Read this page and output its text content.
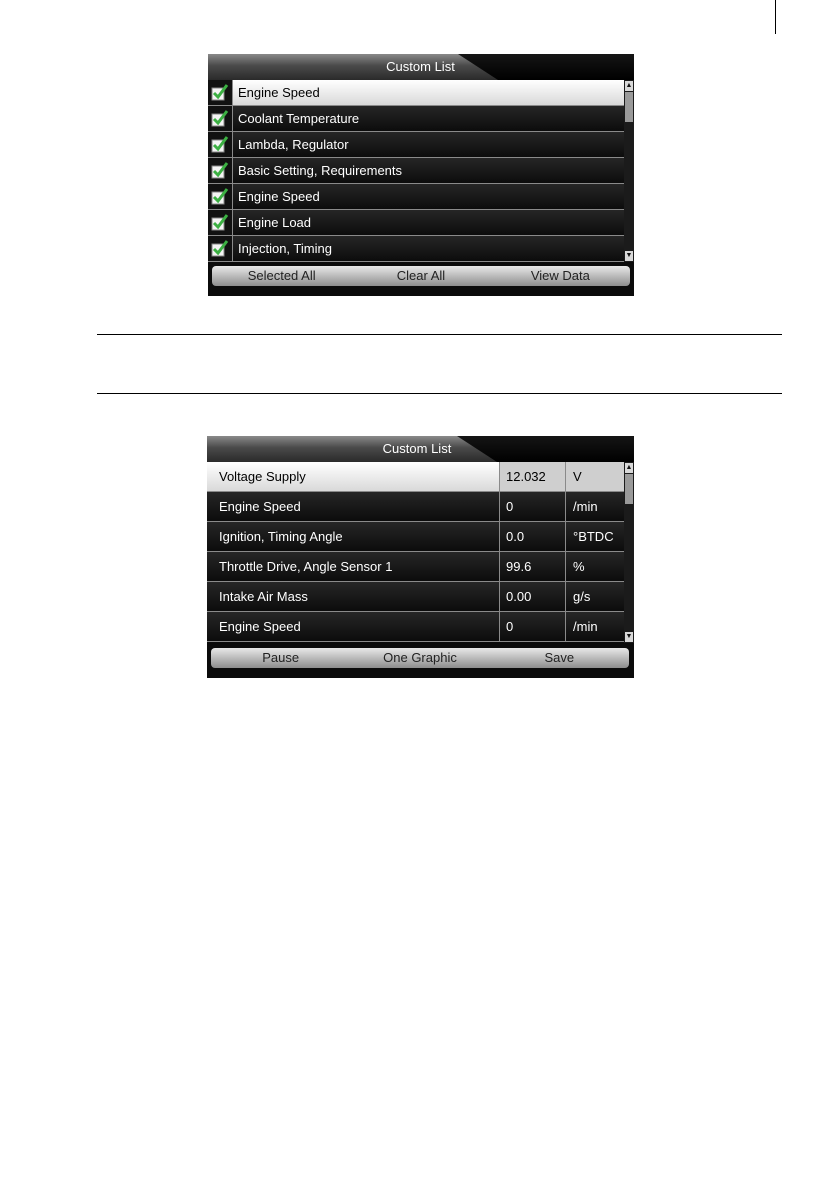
Custom List
Engine Speed
Coolant Temperature
Lambda, Regulator
Basic Setting, Requirements
Engine Speed
Engine Load
Injection, Timing
▲
▼
Selected All	Clear All	View Data
Custom List
Voltage Supply	12.032	V
Engine Speed	0	/min
Ignition, Timing Angle	0.0	°BTDC
Throttle Drive, Angle Sensor 1	99.6	%
Intake Air Mass	0.00	g/s
Engine Speed	0	/min
▲
▼
Pause	One Graphic	Save
